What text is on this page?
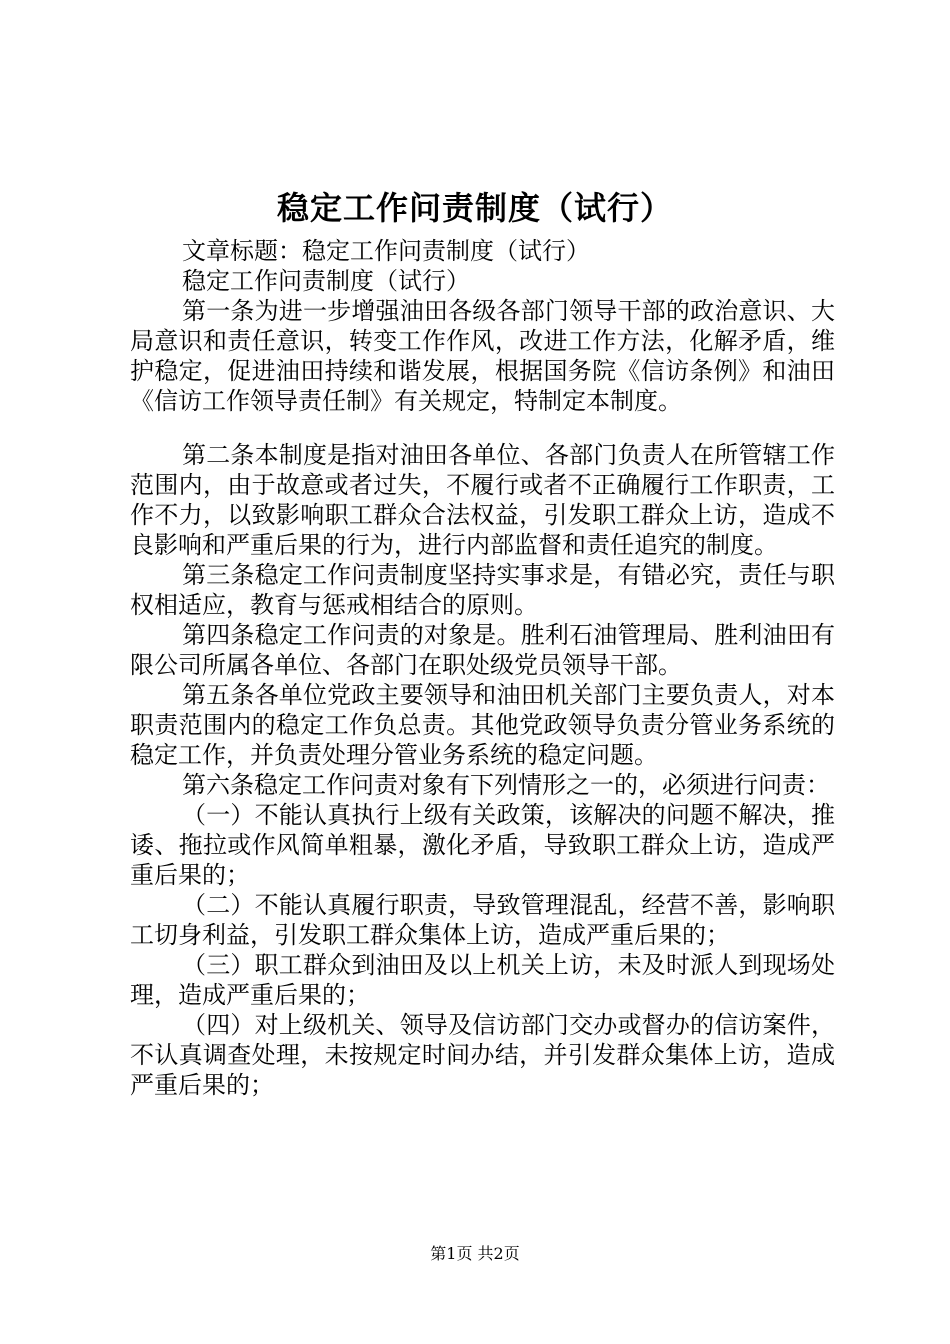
稳定工作问责制度（试行）

文章标题：稳定工作问责制度（试行）

稳定工作问责制度（试行）

第一条为进一步增强油田各级各部门领导干部的政治意识、大局意识和责任意识，转变工作作风，改进工作方法，化解矛盾，维护稳定，促进油田持续和谐发展，根据国务院《信访条例》和油田《信访工作领导责任制》有关规定，特制定本制度。

第二条本制度是指对油田各单位、各部门负责人在所管辖工作范围内，由于故意或者过失，不履行或者不正确履行工作职责，工作不力，以致影响职工群众合法权益，引发职工群众上访，造成不良影响和严重后果的行为，进行内部监督和责任追究的制度。

第三条稳定工作问责制度坚持实事求是，有错必究，责任与职权相适应，教育与惩戒相结合的原则。

第四条稳定工作问责的对象是。胜利石油管理局、胜利油田有限公司所属各单位、各部门在职处级党员领导干部。

第五条各单位党政主要领导和油田机关部门主要负责人，对本职责范围内的稳定工作负总责。其他党政领导负责分管业务系统的稳定工作，并负责处理分管业务系统的稳定问题。

第六条稳定工作问责对象有下列情形之一的，必须进行问责：

（一）不能认真执行上级有关政策，该解决的问题不解决，推诿、拖拉或作风简单粗暴，激化矛盾，导致职工群众上访，造成严重后果的；

（二）不能认真履行职责，导致管理混乱，经营不善，影响职工切身利益，引发职工群众集体上访，造成严重后果的；

（三）职工群众到油田及以上机关上访，未及时派人到现场处理，造成严重后果的；

（四）对上级机关、领导及信访部门交办或督办的信访案件，不认真调查处理，未按规定时间办结，并引发群众集体上访，造成严重后果的；

第1页 共2页
